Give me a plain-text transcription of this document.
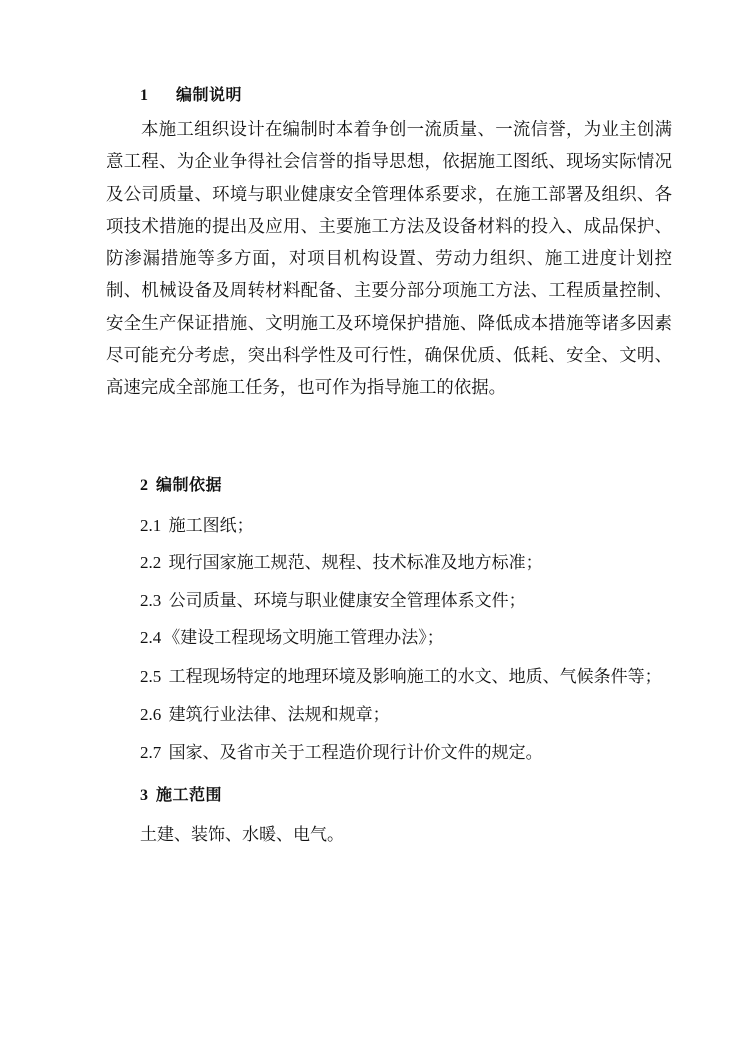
1 编制说明

本施工组织设计在编制时本着争创一流质量、一流信誉，为业主创满意工程、为企业争得社会信誉的指导思想，依据施工图纸、现场实际情况及公司质量、环境与职业健康安全管理体系要求，在施工部署及组织、各项技术措施的提出及应用、主要施工方法及设备材料的投入、成品保护、防渗漏措施等多方面，对项目机构设置、劳动力组织、施工进度计划控制、机械设备及周转材料配备、主要分部分项施工方法、工程质量控制、安全生产保证措施、文明施工及环境保护措施、降低成本措施等诸多因素尽可能充分考虑，突出科学性及可行性，确保优质、低耗、安全、文明、高速完成全部施工任务，也可作为指导施工的依据。

2 编制依据
2.1 施工图纸；
2.2 现行国家施工规范、规程、技术标准及地方标准；
2.3 公司质量、环境与职业健康安全管理体系文件；
2.4 《建设工程现场文明施工管理办法》；
2.5 工程现场特定的地理环境及影响施工的水文、地质、气候条件等；
2.6 建筑行业法律、法规和规章；
2.7 国家、及省市关于工程造价现行计价文件的规定。
3 施工范围
土建、装饰、水暖、电气。
